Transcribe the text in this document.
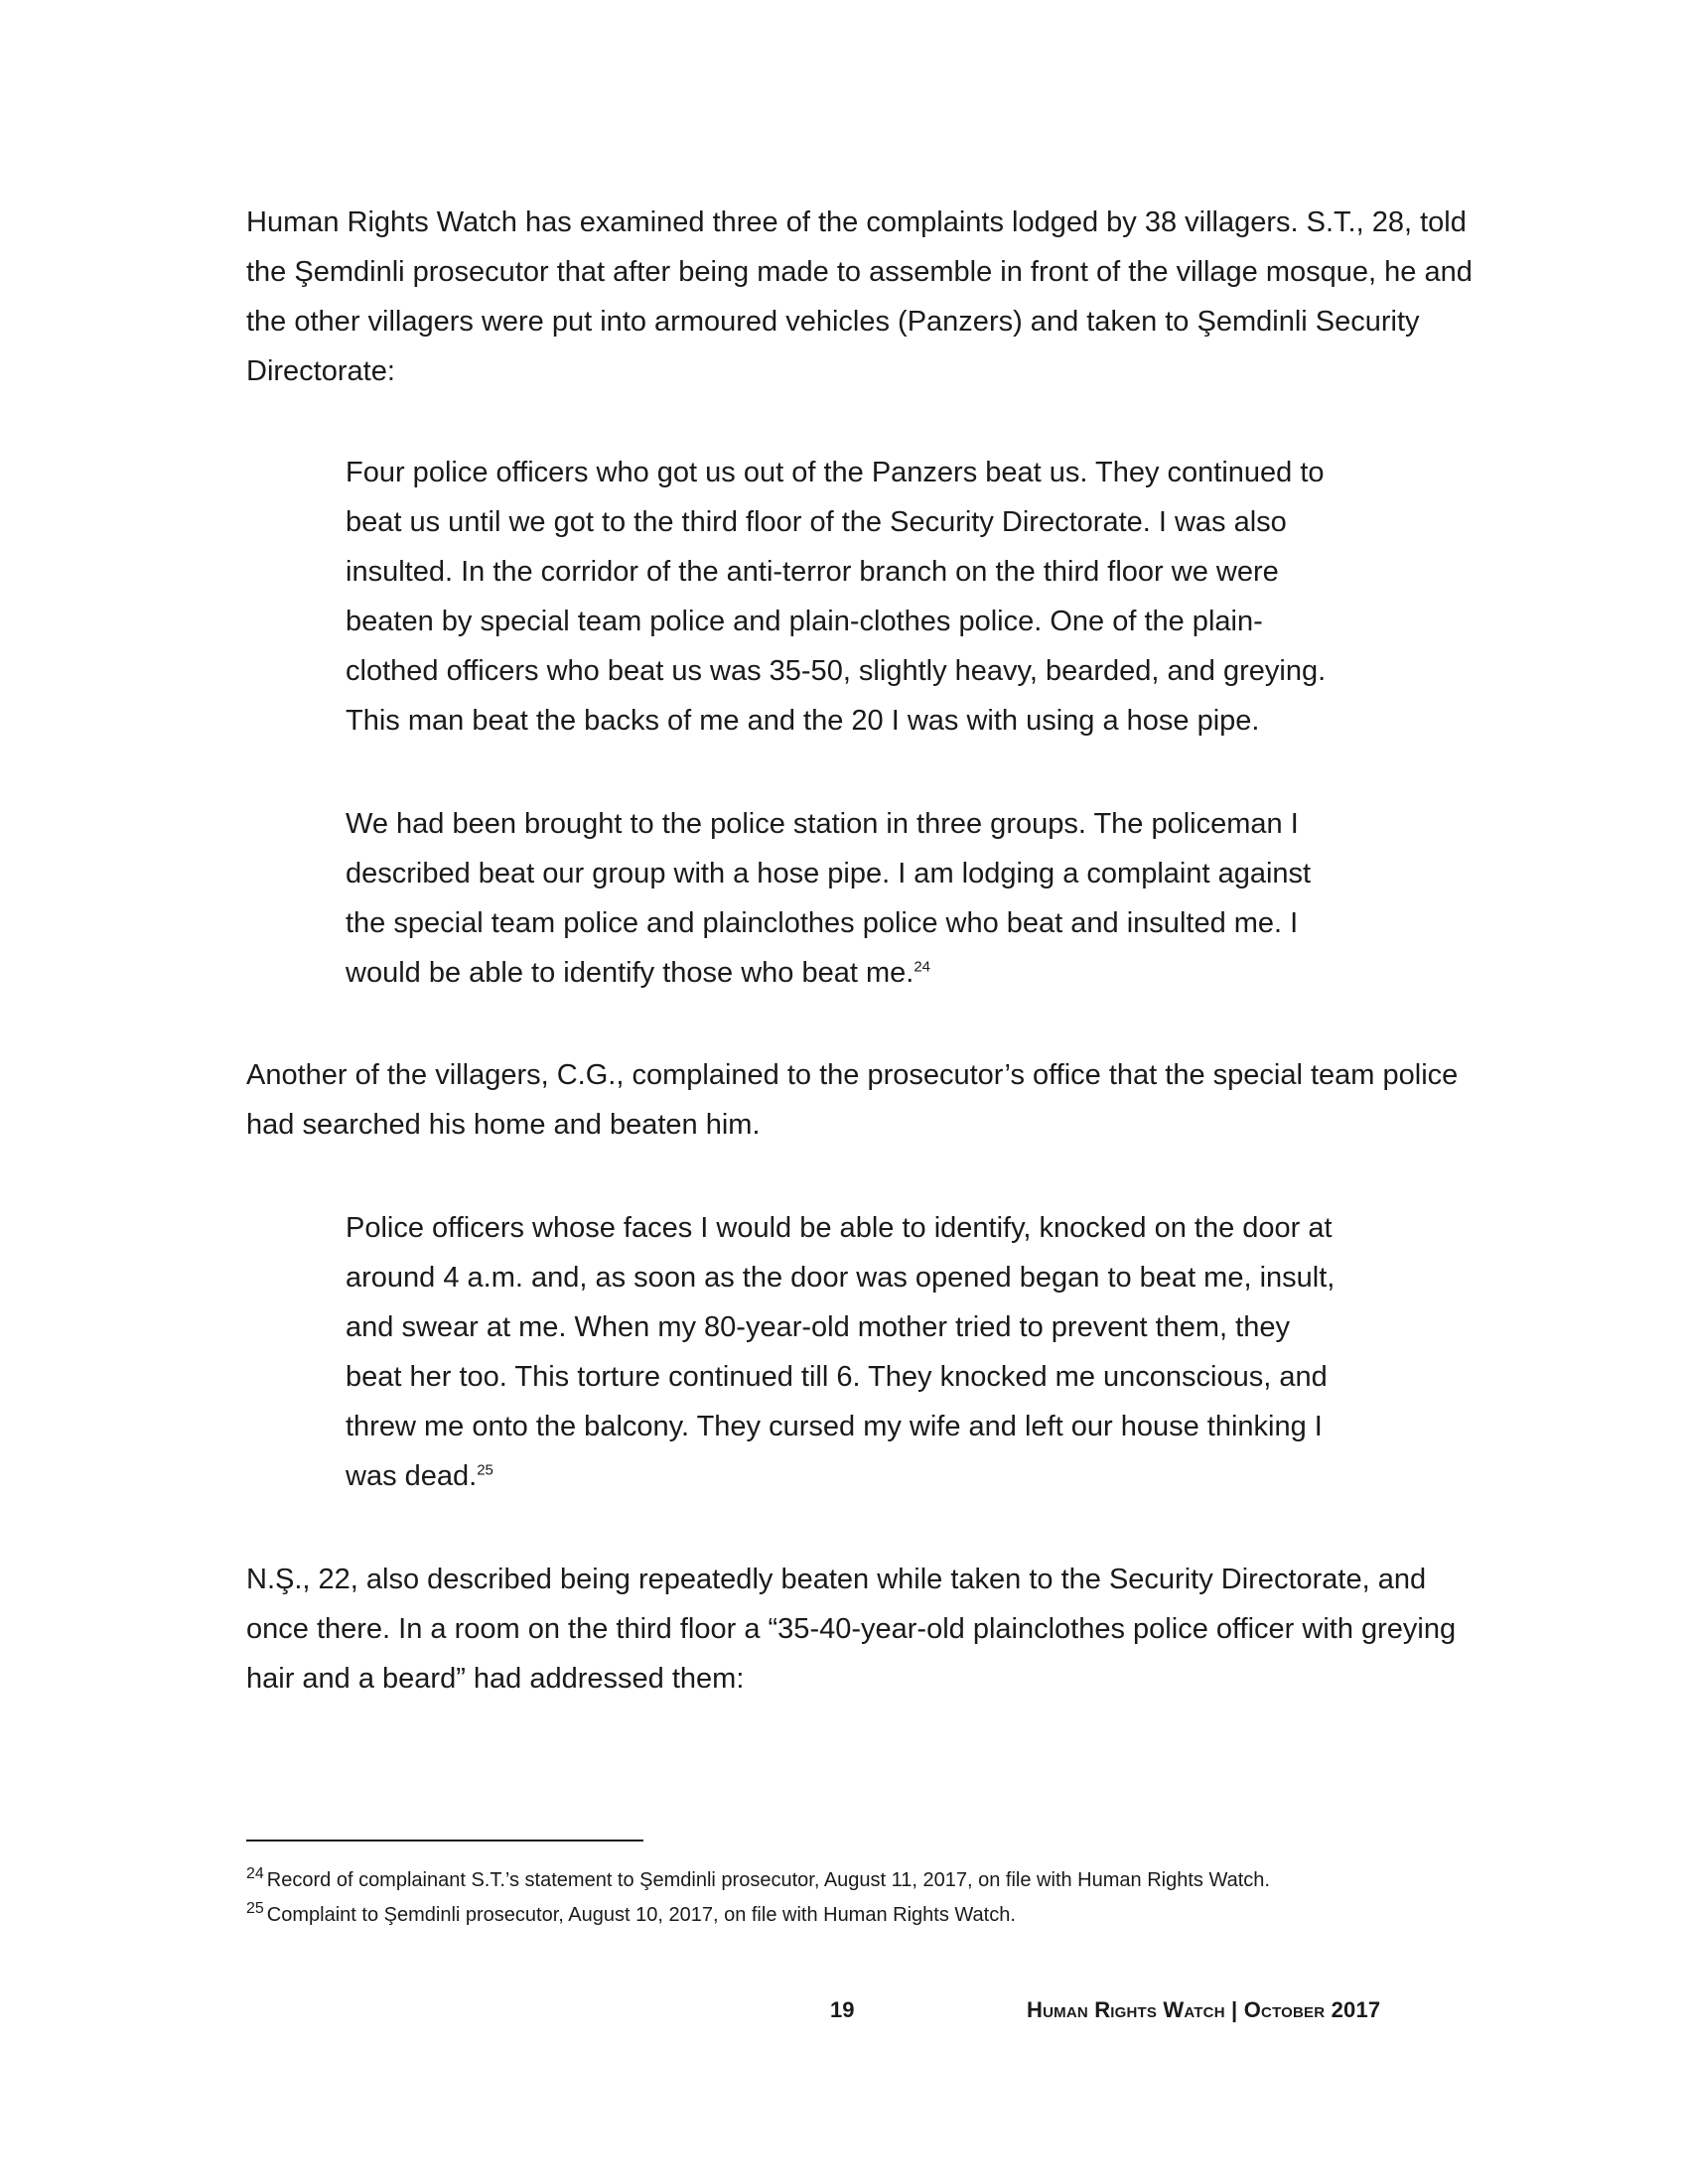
Human Rights Watch has examined three of the complaints lodged by 38 villagers. S.T., 28, told the Şemdinli prosecutor that after being made to assemble in front of the village mosque, he and the other villagers were put into armoured vehicles (Panzers) and taken to Şemdinli Security Directorate:

Four police officers who got us out of the Panzers beat us. They continued to beat us until we got to the third floor of the Security Directorate. I was also insulted. In the corridor of the anti-terror branch on the third floor we were beaten by special team police and plain-clothes police. One of the plain-clothed officers who beat us was 35-50, slightly heavy, bearded, and greying. This man beat the backs of me and the 20 I was with using a hose pipe.

We had been brought to the police station in three groups. The policeman I described beat our group with a hose pipe. I am lodging a complaint against the special team police and plainclothes police who beat and insulted me. I would be able to identify those who beat me.$^{24}$

Another of the villagers, C.G., complained to the prosecutor’s office that the special team police had searched his home and beaten him.

Police officers whose faces I would be able to identify, knocked on the door at around 4 a.m. and, as soon as the door was opened began to beat me, insult, and swear at me. When my 80-year-old mother tried to prevent them, they beat her too. This torture continued till 6. They knocked me unconscious, and threw me onto the balcony. They cursed my wife and left our house thinking I was dead.$^{25}$

N.Ş., 22, also described being repeatedly beaten while taken to the Security Directorate, and once there. In a room on the third floor a “35-40-year-old plainclothes police officer with greying hair and a beard” had addressed them:

$^{24}$ Record of complainant S.T.’s statement to Şemdinli prosecutor, August 11, 2017, on file with Human Rights Watch.

$^{25}$ Complaint to Şemdinli prosecutor, August 10, 2017, on file with Human Rights Watch.

19	Human Rights Watch | October 2017
